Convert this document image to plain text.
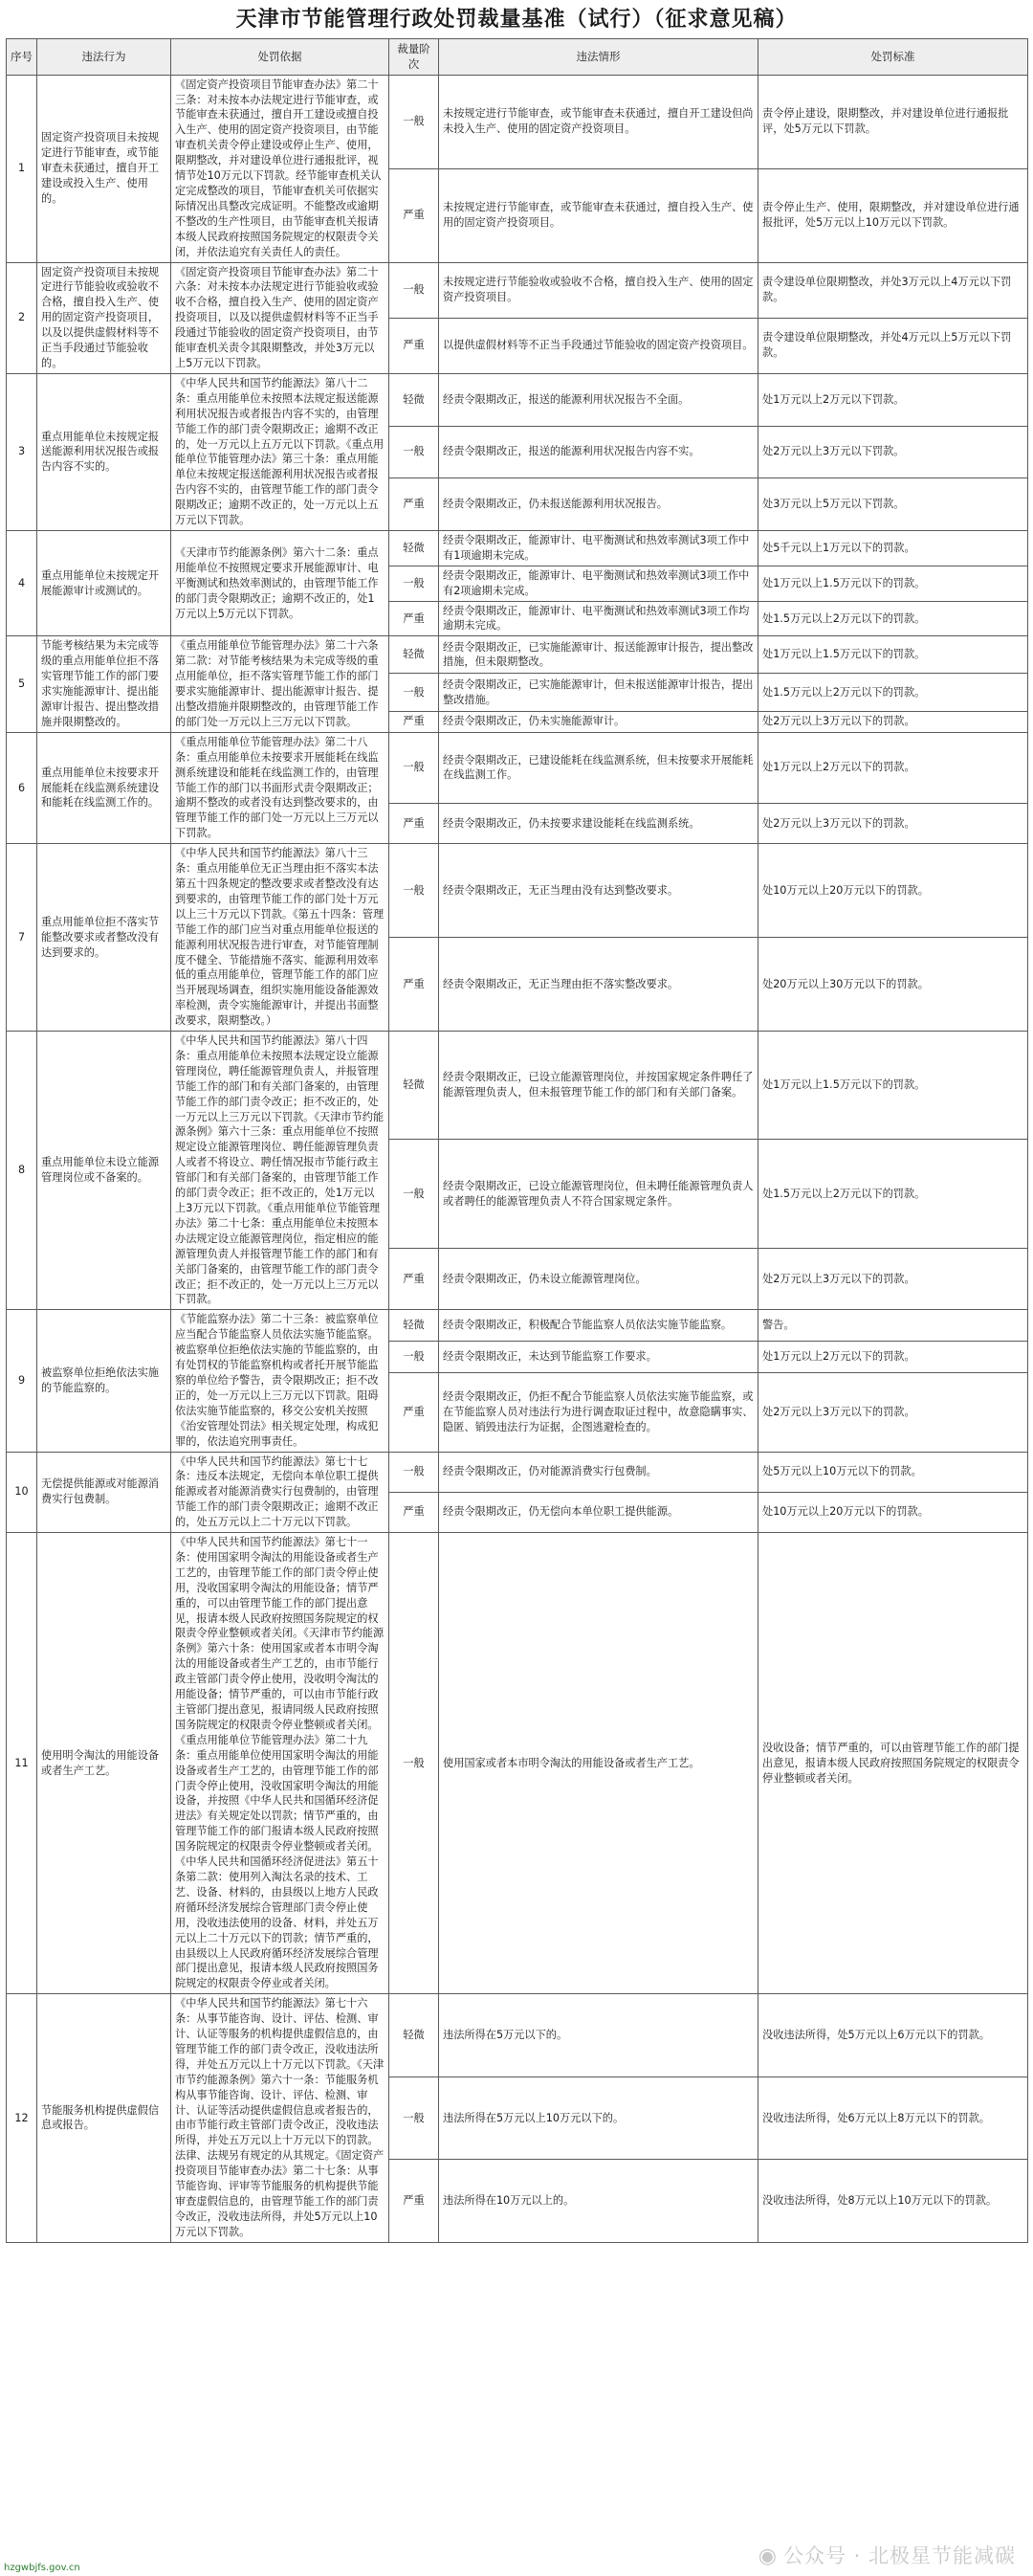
天津市节能管理行政处罚裁量基准（试行）（征求意见稿）
序号	违法行为	处罚依据	裁量阶次	违法情形	处罚标准
1	固定资产投资项目未按规定进行节能审查，或节能审查未获通过，擅自开工建设或投入生产、使用的。	《固定资产投资项目节能审查办法》第二十三条：对未按本办法规定进行节能审查，或节能审查未获通过，擅自开工建设或擅自投入生产、使用的固定资产投资项目，由节能审查机关责令停止建设或停止生产、使用，限期整改，并对建设单位进行通报批评，视情节处10万元以下罚款。经节能审查机关认定完成整改的项目，节能审查机关可依据实际情况出具整改完成证明。不能整改或逾期不整改的生产性项目，由节能审查机关报请本级人民政府按照国务院规定的权限责令关闭，并依法追究有关责任人的责任。	一般	未按规定进行节能审查，或节能审查未获通过，擅自开工建设但尚未投入生产、使用的固定资产投资项目。	责令停止建设，限期整改，并对建设单位进行通报批评，处5万元以下罚款。
			严重	未按规定进行节能审查，或节能审查未获通过，擅自投入生产、使用的固定资产投资项目。	责令停止生产、使用，限期整改，并对建设单位进行通报批评，处5万元以上10万元以下罚款。
2	固定资产投资项目未按规定进行节能验收或验收不合格，擅自投入生产、使用的固定资产投资项目，以及以提供虚假材料等不正当手段通过节能验收的。	《固定资产投资项目节能审查办法》第二十六条：对未按本办法规定进行节能验收或验收不合格，擅自投入生产、使用的固定资产投资项目，以及以提供虚假材料等不正当手段通过节能验收的固定资产投资项目，由节能审查机关责令其限期整改，并处3万元以上5万元以下罚款。	一般	未按规定进行节能验收或验收不合格，擅自投入生产、使用的固定资产投资项目。	责令建设单位限期整改，并处3万元以上4万元以下罚款。
			严重	以提供虚假材料等不正当手段通过节能验收的固定资产投资项目。	责令建设单位限期整改，并处4万元以上5万元以下罚款。
3	重点用能单位未按规定报送能源利用状况报告或报告内容不实的。	《中华人民共和国节约能源法》第八十二条：重点用能单位未按照本法规定报送能源利用状况报告或者报告内容不实的，由管理节能工作的部门责令限期改正；逾期不改正的，处一万元以上五万元以下罚款。《重点用能单位节能管理办法》第三十条：重点用能单位未按规定报送能源利用状况报告或者报告内容不实的，由管理节能工作的部门责令限期改正；逾期不改正的，处一万元以上五万元以下罚款。	轻微	经责令限期改正，报送的能源利用状况报告不全面。	处1万元以上2万元以下罚款。
			一般	经责令限期改正，报送的能源利用状况报告内容不实。	处2万元以上3万元以下罚款。
			严重	经责令限期改正，仍未报送能源利用状况报告。	处3万元以上5万元以下罚款。
4	重点用能单位未按规定开展能源审计或测试的。	《天津市节约能源条例》第六十二条：重点用能单位不按照规定要求开展能源审计、电平衡测试和热效率测试的，由管理节能工作的部门责令限期改正；逾期不改正的，处1万元以上5万元以下罚款。	轻微	经责令限期改正，能源审计、电平衡测试和热效率测试3项工作中有1项逾期未完成。	处5千元以上1万元以下的罚款。
			一般	经责令限期改正，能源审计、电平衡测试和热效率测试3项工作中有2项逾期未完成。	处1万元以上1.5万元以下的罚款。
			严重	经责令限期改正，能源审计、电平衡测试和热效率测试3项工作均逾期未完成。	处1.5万元以上2万元以下的罚款。
5	节能考核结果为未完成等级的重点用能单位拒不落实管理节能工作的部门要求实施能源审计、提出能源审计报告、提出整改措施并限期整改的。	《重点用能单位节能管理办法》第二十六条第二款：对节能考核结果为未完成等级的重点用能单位，拒不落实管理节能工作的部门要求实施能源审计、提出能源审计报告、提出整改措施并限期整改的，由管理节能工作的部门处一万元以上三万元以下罚款。	轻微	经责令限期改正，已实施能源审计、报送能源审计报告，提出整改措施，但未限期整改。	处1万元以上1.5万元以下的罚款。
			一般	经责令限期改正，已实施能源审计，但未报送能源审计报告，提出整改措施。	处1.5万元以上2万元以下的罚款。
			严重	经责令限期改正，仍未实施能源审计。	处2万元以上3万元以下的罚款。
6	重点用能单位未按要求开展能耗在线监测系统建设和能耗在线监测工作的。	《重点用能单位节能管理办法》第二十八条：重点用能单位未按要求开展能耗在线监测系统建设和能耗在线监测工作的，由管理节能工作的部门以书面形式责令限期改正；逾期不整改的或者没有达到整改要求的，由管理节能工作的部门处一万元以上三万元以下罚款。	一般	经责令限期改正，已建设能耗在线监测系统，但未按要求开展能耗在线监测工作。	处1万元以上2万元以下的罚款。
			严重	经责令限期改正，仍未按要求建设能耗在线监测系统。	处2万元以上3万元以下的罚款。
7	重点用能单位拒不落实节能整改要求或者整改没有达到要求的。	《中华人民共和国节约能源法》第八十三条：重点用能单位无正当理由拒不落实本法第五十四条规定的整改要求或者整改没有达到要求的，由管理节能工作的部门处十万元以上三十万元以下罚款。《第五十四条：管理节能工作的部门应当对重点用能单位报送的能源利用状况报告进行审查，对节能管理制度不健全、节能措施不落实、能源利用效率低的重点用能单位，管理节能工作的部门应当开展现场调查，组织实施用能设备能源效率检测，责令实施能源审计，并提出书面整改要求，限期整改。）	一般	经责令限期改正，无正当理由没有达到整改要求。	处10万元以上20万元以下的罚款。
			严重	经责令限期改正，无正当理由拒不落实整改要求。	处20万元以上30万元以下的罚款。
8	重点用能单位未设立能源管理岗位或不备案的。	《中华人民共和国节约能源法》第八十四条：重点用能单位未按照本法规定设立能源管理岗位，聘任能源管理负责人，并报管理节能工作的部门和有关部门备案的，由管理节能工作的部门责令改正；拒不改正的，处一万元以上三万元以下罚款。《天津市节约能源条例》第六十三条：重点用能单位不按照规定设立能源管理岗位、聘任能源管理负责人或者不将设立、聘任情况报市节能行政主管部门和有关部门备案的，由管理节能工作的部门责令改正；拒不改正的，处1万元以上3万元以下罚款。《重点用能单位节能管理办法》第二十七条：重点用能单位未按照本办法规定设立能源管理岗位，指定相应的能源管理负责人并报管理节能工作的部门和有关部门备案的，由管理节能工作的部门责令改正；拒不改正的，处一万元以上三万元以下罚款。	轻微	经责令限期改正，已设立能源管理岗位，并按国家规定条件聘任了能源管理负责人，但未报管理节能工作的部门和有关部门备案。	处1万元以上1.5万元以下的罚款。
			一般	经责令限期改正，已设立能源管理岗位，但未聘任能源管理负责人或者聘任的能源管理负责人不符合国家规定条件。	处1.5万元以上2万元以下的罚款。
			严重	经责令限期改正，仍未设立能源管理岗位。	处2万元以上3万元以下的罚款。
9	被监察单位拒绝依法实施的节能监察的。	《节能监察办法》第二十三条：被监察单位应当配合节能监察人员依法实施节能监察。被监察单位拒绝依法实施的节能监察的，由有处罚权的节能监察机构或者托开展节能监察的单位给予警告，责令限期改正；拒不改正的，处一万元以上三万元以下罚款。阻碍依法实施节能监察的，移交公安机关按照《治安管理处罚法》相关规定处理，构成犯罪的，依法追究刑事责任。	轻微	经责令限期改正，积极配合节能监察人员依法实施节能监察。	警告。
			一般	经责令限期改正，未达到节能监察工作要求。	处1万元以上2万元以下的罚款。
			严重	经责令限期改正，仍拒不配合节能监察人员依法实施节能监察，或在节能监察人员对违法行为进行调查取证过程中，故意隐瞒事实、隐匿、销毁违法行为证据，企图逃避检查的。	处2万元以上3万元以下的罚款。
10	无偿提供能源或对能源消费实行包费制。	《中华人民共和国节约能源法》第七十七条：违反本法规定，无偿向本单位职工提供能源或者对能源消费实行包费制的，由管理节能工作的部门责令限期改正；逾期不改正的，处五万元以上二十万元以下罚款。	一般	经责令限期改正，仍对能源消费实行包费制。	处5万元以上10万元以下的罚款。
			严重	经责令限期改正，仍无偿向本单位职工提供能源。	处10万元以上20万元以下的罚款。
11	使用明令淘汰的用能设备或者生产工艺。	《中华人民共和国节约能源法》第七十一条：使用国家明令淘汰的用能设备或者生产工艺的，由管理节能工作的部门责令停止使用，没收国家明令淘汰的用能设备；情节严重的，可以由管理节能工作的部门提出意见，报请本级人民政府按照国务院规定的权限责令停业整顿或者关闭。《天津市节约能源条例》第六十条：使用国家或者本市明令淘汰的用能设备或者生产工艺的，由市节能行政主管部门责令停止使用，没收明令淘汰的用能设备；情节严重的，可以由市节能行政主管部门提出意见，报请同级人民政府按照国务院规定的权限责令停业整顿或者关闭。《重点用能单位节能管理办法》第二十九条：重点用能单位使用国家明令淘汰的用能设备或者生产工艺的，由管理节能工作的部门责令停止使用，没收国家明令淘汰的用能设备，并按照《中华人民共和国循环经济促进法》有关规定处以罚款；情节严重的，由管理节能工作的部门报请本级人民政府按照国务院规定的权限责令停业整顿或者关闭。《中华人民共和国循环经济促进法》第五十条第二款：使用列入淘汰名录的技术、工艺、设备、材料的，由县级以上地方人民政府循环经济发展综合管理部门责令停止使用，没收违法使用的设备、材料，并处五万元以上二十万元以下的罚款；情节严重的，由县级以上人民政府循环经济发展综合管理部门提出意见，报请本级人民政府按照国务院规定的权限责令停业或者关闭。	一般	使用国家或者本市明令淘汰的用能设备或者生产工艺。	没收设备；情节严重的，可以由管理节能工作的部门提出意见，报请本级人民政府按照国务院规定的权限责令停业整顿或者关闭。
12	节能服务机构提供虚假信息或报告。	《中华人民共和国节约能源法》第七十六条：从事节能咨询、设计、评估、检测、审计、认证等服务的机构提供虚假信息的，由管理节能工作的部门责令改正，没收违法所得，并处五万元以上十万元以下罚款。《天津市节约能源条例》第六十一条：节能服务机构从事节能咨询、设计、评估、检测、审计、认证等活动提供虚假信息或者报告的，由市节能行政主管部门责令改正，没收违法所得，并处五万元以上十万元以下的罚款。法律、法规另有规定的从其规定。《固定资产投资项目节能审查办法》第二十七条：从事节能咨询、评审等节能服务的机构提供节能审查虚假信息的，由管理节能工作的部门责令改正，没收违法所得，并处5万元以上10万元以下罚款。	轻微	违法所得在5万元以下的。	没收违法所得，处5万元以上6万元以下的罚款。
			一般	违法所得在5万元以上10万元以下的。	没收违法所得，处6万元以上8万元以下的罚款。
			严重	违法所得在10万元以上的。	没收违法所得，处8万元以上10万元以下的罚款。
hzgwbjfs.gov.cn	◉ 公众号 · 北极星节能减碳
